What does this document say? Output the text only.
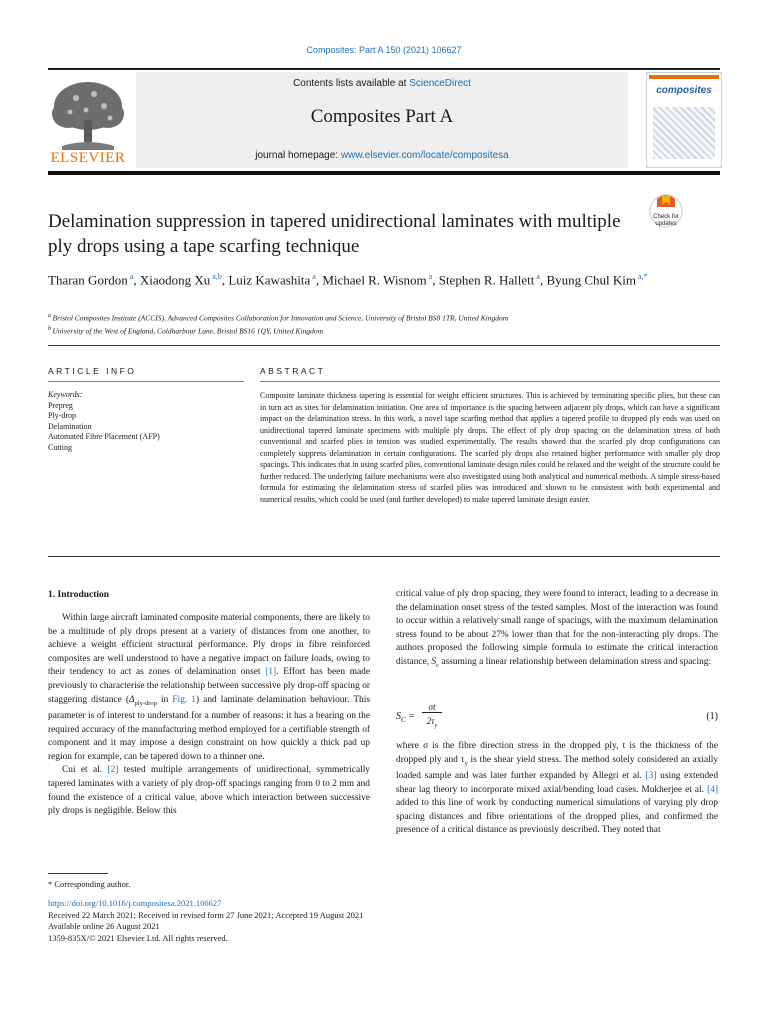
Composites: Part A 150 (2021) 106627
ELSEVIER
Contents lists available at ScienceDirect
Composites Part A
journal homepage: www.elsevier.com/locate/compositesa
composites
Delamination suppression in tapered unidirectional laminates with multiple ply drops using a tape scarfing technique
Check for updates
Tharan Gordon $^a$, Xiaodong Xu $^{a,b}$, Luiz Kawashita $^a$, Michael R. Wisnom $^a$, Stephen R. Hallett $^a$, Byung Chul Kim $^{a,*}$
$^a$ Bristol Composites Institute (ACCIS), Advanced Composites Collaboration for Innovation and Science, University of Bristol BS8 1TR, United Kingdom
$^b$ University of the West of England, Coldharbour Lane, Bristol BS16 1QY, United Kingdom
ARTICLE INFO	ABSTRACT
Keywords:
Prepreg
Ply-drop
Delamination
Automated Fibre Placement (AFP)
Cutting

Composite laminate thickness tapering is essential for weight efficient structures. This is achieved by terminating specific plies, but these can in turn act as sites for delamination initiation. One area of importance is the spacing between adjacent ply drops, which can have a significant impact on the delamination stress. In this work, a novel tape scarfing method that applies a tapered profile to dropped ply ends was used on unidirectional tapered laminate specimens with multiple ply drops. The effect of ply drop spacing on the delamination stress of both conventional and scarfed plies in tension was studied experimentally. The results showed that the scarfed ply drop configurations can completely suppress delamination in certain configurations. The scarfed ply drops also retained higher performance with smaller ply drop spacings. This indicates that in using scarfed plies, conventional laminate design rules could be relaxed and the weight of the structure could be further reduced. The underlying failure mechanisms were also investigated using both analytical and numerical methods. A simple stress-based formula for estimating the delamination stress of scarfed plies was introduced and shown to be consistent with both experimental and numerical results, which could be used (and further developed) to make tapered laminate design easier.

1. Introduction

Within large aircraft laminated composite material components, there are likely to be a multitude of ply drops present at a variety of distances from one another, to achieve a weight efficient structural performance. Ply drops in fibre reinforced composites are well understood to have a negative impact on failure loads, owing to their tendency to act as zones of delamination onset [1]. Effort has been made previously to characterise the relationship between successive ply drop-off spacing or staggering distance ($\Delta_{ply-drop}$ in Fig. 1) and laminate delamination behaviour. This parameter is of interest to understand for a number of reasons: it has a bearing on the required accuracy of the manufacturing method employed for a certifiable strength of component and it may impose a design constraint on how quickly a thick pad up region for example, can be tapered down to a thinner one.

Cui et al. [2] tested multiple arrangements of unidirectional, symmetrically tapered laminates with a variety of ply drop-off spacings ranging from 0 to 2 mm and found the existence of a critical value, above which interaction between successive ply drops is negligible. Below this

critical value of ply drop spacing, they were found to interact, leading to a decrease in the delamination onset stress of the tested samples. Most of the interaction was found to occur within a relatively small range of spacings, with the maximum delamination stress found to be about 27% lower than that for the non-interacting ply drops. The authors proposed the following simple formula to estimate the critical interaction distance, $S_c$ assuming a linear relationship between delamination stress and spacing:

$S_C$ =
σt
$2\tau_y$
(1)

where σ is the fibre direction stress in the dropped ply, t is the thickness of the dropped ply and $\tau_y$ is the shear yield stress. The method solely considered an axially loaded sample and was later further expanded by Allegri et al. [3] using extended shear lag theory to incorporate mixed axial/bending load cases. Mukherjee et al. [4] added to this line of work by conducting numerical simulations of varying ply drop spacing distances and fibre orientations of the dropped plies, and confirmed the presence of a critical distance as previously described. They noted that

* Corresponding author.
https://doi.org/10.1016/j.compositesa.2021.106627
Received 22 March 2021; Received in revised form 27 June 2021; Accepted 19 August 2021
Available online 26 August 2021
1359-835X/© 2021 Elsevier Ltd. All rights reserved.
